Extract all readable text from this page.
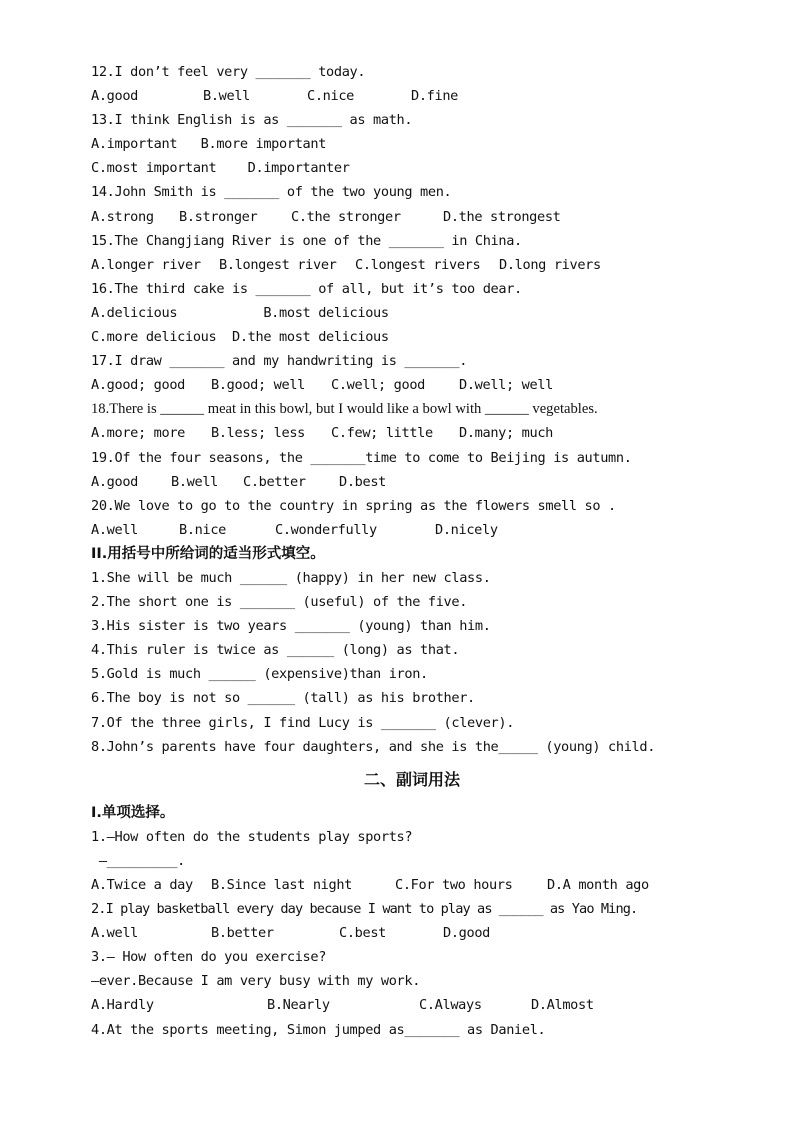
12.I don’t feel very _______ today.
A.good	B.well	C.nice	D.fine
13.I think English is as _______ as math.
A.important   B.more important
C.most important    D.importanter
14.John Smith is _______ of the two young men.
A.strong B.stronger C.the stronger	D.the strongest
15.The Changjiang River is one of the _______ in China.
A.longer river B.longest river C.longest rivers D.long rivers
16.The third cake is _______ of all, but it’s too dear.
A.delicious           B.most delicious
C.more delicious  D.the most delicious
17.I draw _______ and my handwriting is _______.
A.good; good B.good; well C.well; good D.well; well
18.There is ______ meat in this bowl, but I would like a bowl with ______ vegetables.
A.more; more B.less; less C.few; little D.many; much
19.Of the four seasons, the _______time to come to Beijing is autumn.
A.good B.well C.better D.best
20.We love to go to the country in spring as the flowers smell so .
A.well	B.nice	C.wonderfully	D.nicely
II.用括号中所给词的适当形式填空。
1.She will be much ______ (happy) in her new class.
2.The short one is _______ (useful) of the five.
3.His sister is two years _______ (young) than him.
4.This ruler is twice as ______ (long) as that.
5.Gold is much ______ (expensive)than iron.
6.The boy is not so ______ (tall) as his brother.
7.Of the three girls, I find Lucy is _______ (clever).
8.John’s parents have four daughters, and she is the_____ (young) child.
二、副词用法
I.单项选择。
1.—How often do the students play sports?
—_________.
A.Twice a day B.Since last night	C.For two hours	D.A month ago
2.I play basketball every day because I want to play as ______ as Yao Ming.
A.well	B.better	C.best	D.good
3.— How often do you exercise?
—ever.Because I am very busy with my work.
A.Hardly	B.Nearly	C.Always	D.Almost
4.At the sports meeting, Simon jumped as_______ as Daniel.
